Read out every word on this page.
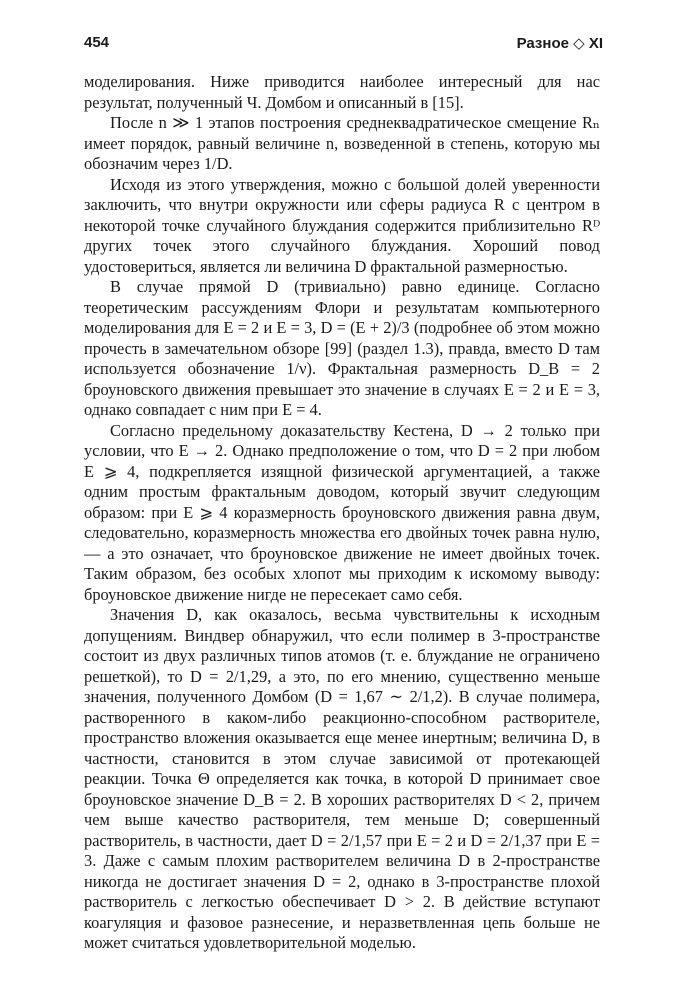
454	Разное ◇ XI

моделирования. Ниже приводится наиболее интересный для нас результат, полученный Ч. Домбом и описанный в [15].

После n ≫ 1 этапов построения среднеквадратическое смещение Rₙ имеет порядок, равный величине n, возведенной в степень, которую мы обозначим через 1/D.

Исходя из этого утверждения, можно с большой долей уверенности заключить, что внутри окружности или сферы радиуса R с центром в некоторой точке случайного блуждания содержится приблизительно Rᴰ других точек этого случайного блуждания. Хороший повод удостовериться, является ли величина D фрактальной размерностью.

В случае прямой D (тривиально) равно единице. Согласно теоретическим рассуждениям Флори и результатам компьютерного моделирования для E = 2 и E = 3, D = (E + 2)/3 (подробнее об этом можно прочесть в замечательном обзоре [99] (раздел 1.3), правда, вместо D там используется обозначение 1/ν). Фрактальная размерность D_B = 2 броуновского движения превышает это значение в случаях E = 2 и E = 3, однако совпадает с ним при E = 4.

Согласно предельному доказательству Кестена, D → 2 только при условии, что E → 2. Однако предположение о том, что D = 2 при любом E ⩾ 4, подкрепляется изящной физической аргументацией, а также одним простым фрактальным доводом, который звучит следующим образом: при E ⩾ 4 коразмерность броуновского движения равна двум, следовательно, коразмерность множества его двойных точек равна нулю, — а это означает, что броуновское движение не имеет двойных точек. Таким образом, без особых хлопот мы приходим к искомому выводу: броуновское движение нигде не пересекает само себя.

Значения D, как оказалось, весьма чувствительны к исходным допущениям. Виндвер обнаружил, что если полимер в 3-пространстве состоит из двух различных типов атомов (т. е. блуждание не ограничено решеткой), то D = 2/1,29, а это, по его мнению, существенно меньше значения, полученного Домбом (D = 1,67 ∼ 2/1,2). В случае полимера, растворенного в каком-либо реакционно-способном растворителе, пространство вложения оказывается еще менее инертным; величина D, в частности, становится в этом случае зависимой от протекающей реакции. Точка Θ определяется как точка, в которой D принимает свое броуновское значение D_B = 2. В хороших растворителях D < 2, причем чем выше качество растворителя, тем меньше D; совершенный растворитель, в частности, дает D = 2/1,57 при E = 2 и D = 2/1,37 при E = 3. Даже с самым плохим растворителем величина D в 2-пространстве никогда не достигает значения D = 2, однако в 3-пространстве плохой растворитель с легкостью обеспечивает D > 2. В действие вступают коагуляция и фазовое разнесение, и неразветвленная цепь больше не может считаться удовлетворительной моделью.
